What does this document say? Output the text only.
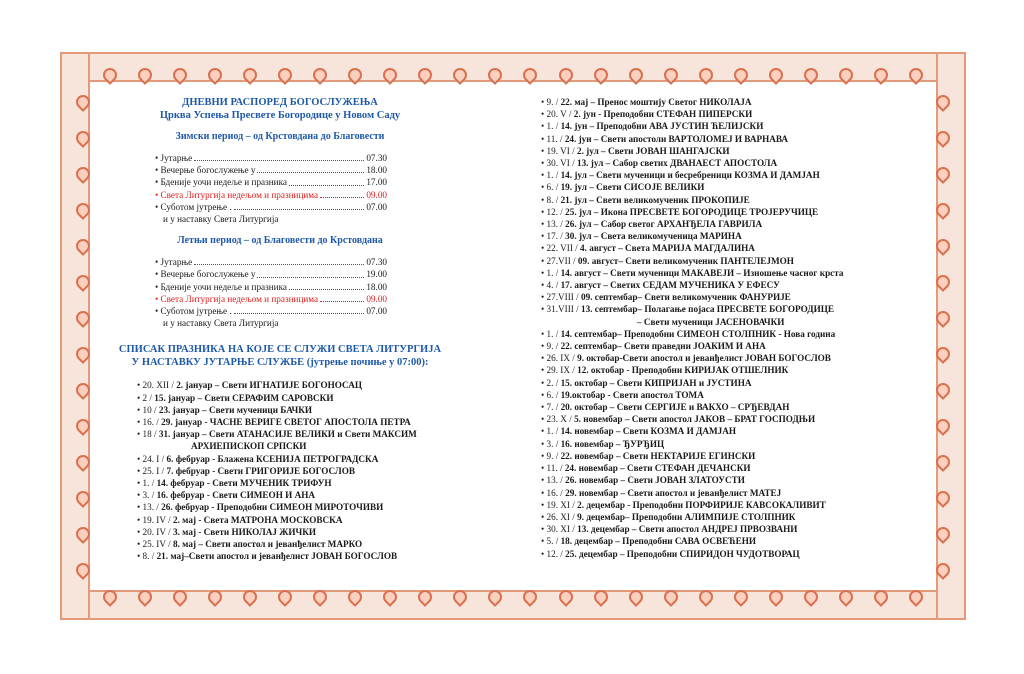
ДНЕВНИ РАСПОРЕД БОГОСЛУЖЕЊА
Црква Успења Пресвете Богородице у Новом Саду
Зимски период – од Крстовдана до Благовести
• Јутарње	07.30
• Вечерње богослужење у	18.00
• Бденије уочи недеље и празника	17.00
• Света Литургија недељом и празницима	09.00
• Суботом јутрење .	07.00
и у наставку Света Литургија
Летњи период – од Благовести до Крстовдана
• Јутарње	07.30
• Вечерње богослужење у	19.00
• Бденије уочи недеље и празника	18.00
• Света Литургија недељом и празницима	09.00
• Суботом јутрење .	07.00
и у наставку Света Литургија
СПИСАК ПРАЗНИКА НА КОЈЕ СЕ СЛУЖИ СВЕТА ЛИТУРГИЈА
У НАСТАВКУ ЈУТАРЊЕ СЛУЖБЕ (јутрење почиње у 07:00):
• 20. XII / 2. јануар – Свети ИГНАТИЈЕ БОГОНОСАЦ
• 2 / 15. јануар – Свети СЕРАФИМ САРОВСКИ
• 10 / 23. јануар – Свети мученици БАЧКИ
• 16. / 29. јануар - ЧАСНЕ ВЕРИГЕ СВЕТОГ АПОСТОЛА ПЕТРА
• 18 / 31. јануар – Свети АТАНАСИЈЕ ВЕЛИКИ и Свети МАКСИМ
АРХИЕПИСКОП СРПСКИ
• 24. I / 6. фебруар - Блажена КСЕНИЈА ПЕТРОГРАДСКА
• 25. I / 7. фебруар - Свети ГРИГОРИЈЕ БОГОСЛОВ
• 1. / 14. фебруар - Свети МУЧЕНИК ТРИФУН
• 3. / 16. фебруар - Свети СИМЕОН И АНА
• 13. / 26. фебруар - Преподобни СИМЕОН МИРОТОЧИВИ
• 19. IV / 2. мај - Света МАТРОНА МОСКОВСКА
• 20. IV / 3. мај - Свети НИКОЛАЈ ЖИЧКИ
• 25. IV / 8. мај – Свети апостол и јеванђелист МАРКО
• 8. / 21. мај–Свети апостол и јеванђелист ЈОВАН БОГОСЛОВ
• 9. / 22. мај – Пренос моштију Светог НИКОЛАЈА
• 20. V / 2. јун - Преподобни СТЕФАН ПИПЕРСКИ
• 1. / 14. јун – Преподобни АВА ЈУСТИН ЋЕЛИЈСКИ
• 11. / 24. јун – Свети апостоли ВАРТОЛОМЕЈ И ВАРНАВА
• 19. VI / 2. јул – Свети ЈОВАН ШАНГАЈСКИ
• 30. VI / 13. јул – Сабор светих ДВАНАЕСТ АПОСТОЛА
• 1. / 14. јул – Свети мученици и бесребреници КОЗМА И ДАМЈАН
• 6. / 19. јул – Свети СИСОЈЕ ВЕЛИКИ
• 8. / 21. јул – Свети великомученик ПРОКОПИЈЕ
• 12. / 25. јул – Икона ПРЕСВЕТЕ БОГОРОДИЦЕ ТРОЈЕРУЧИЦЕ
• 13. / 26. јул – Сабор светог АРХАНЂЕЛА ГАВРИЛА
• 17. / 30. јул – Света великомученица МАРИНА
• 22. VII / 4. август – Света МАРИЈА МАГДАЛИНА
• 27.VII / 09. август– Свети великомученик ПАНТЕЛЕЈМОН
• 1. / 14. август – Свети мученици МАКАВЕЈИ – Изношење часног крста
• 4. / 17. август – Светих СЕДАМ МУЧЕНИКА У ЕФЕСУ
• 27.VIII / 09. септембар– Свети великомученик ФАНУРИЈЕ
• 31.VIII / 13. септембар– Полагање појаса ПРЕСВЕТЕ БОГОРОДИЦЕ
– Свети мученици ЈАСЕНОВАЧКИ
• 1. / 14. септембар– Преподобни СИМЕОН СТОЛПНИК - Нова година
• 9. / 22. септембар– Свети праведни ЈОАКИМ И АНА
• 26. IX / 9. октобар-Свети апостол и јеванђелист ЈОВАН БОГОСЛОВ
• 29. IX / 12. октобар - Преподобни КИРИЈАК ОТШЕЛНИК
• 2. / 15. октобар – Свети КИПРИЈАН и ЈУСТИНА
• 6. / 19.октобар - Свети апостол ТОМА
• 7. / 20. октобар – Свети СЕРГИЈЕ и ВАКХО – СРЂЕВДАН
• 23. X / 5. новембар – Свети апостол ЈАКОВ – БРАТ ГОСПОДЊИ
• 1. / 14. новембар – Свети КОЗМА И ДАМЈАН
• 3. / 16. новембар – ЂУРЂИЦ
• 9. / 22. новембар – Свети НЕКТАРИЈЕ ЕГИНСКИ
• 11. / 24. новембар – Свети СТЕФАН ДЕЧАНСКИ
• 13. / 26. новембар – Свети ЈОВАН ЗЛАТОУСТИ
• 16. / 29. новембар – Свети апостол и јеванђелист МАТЕЈ
• 19. XI / 2. децембар - Преподобни ПОРФИРИЈЕ КАВСОКАЛИВИТ
• 26. XI / 9. децембар– Преподобни АЛИМПИЈЕ СТОЛПНИК
• 30. XI / 13. децембар – Свети апостол АНДРЕЈ ПРВОЗВАНИ
• 5. / 18. децембар – Преподобни САВА ОСВЕЋЕНИ
• 12. / 25. децембар – Преподобни СПИРИДОН ЧУДОТВОРАЦ
